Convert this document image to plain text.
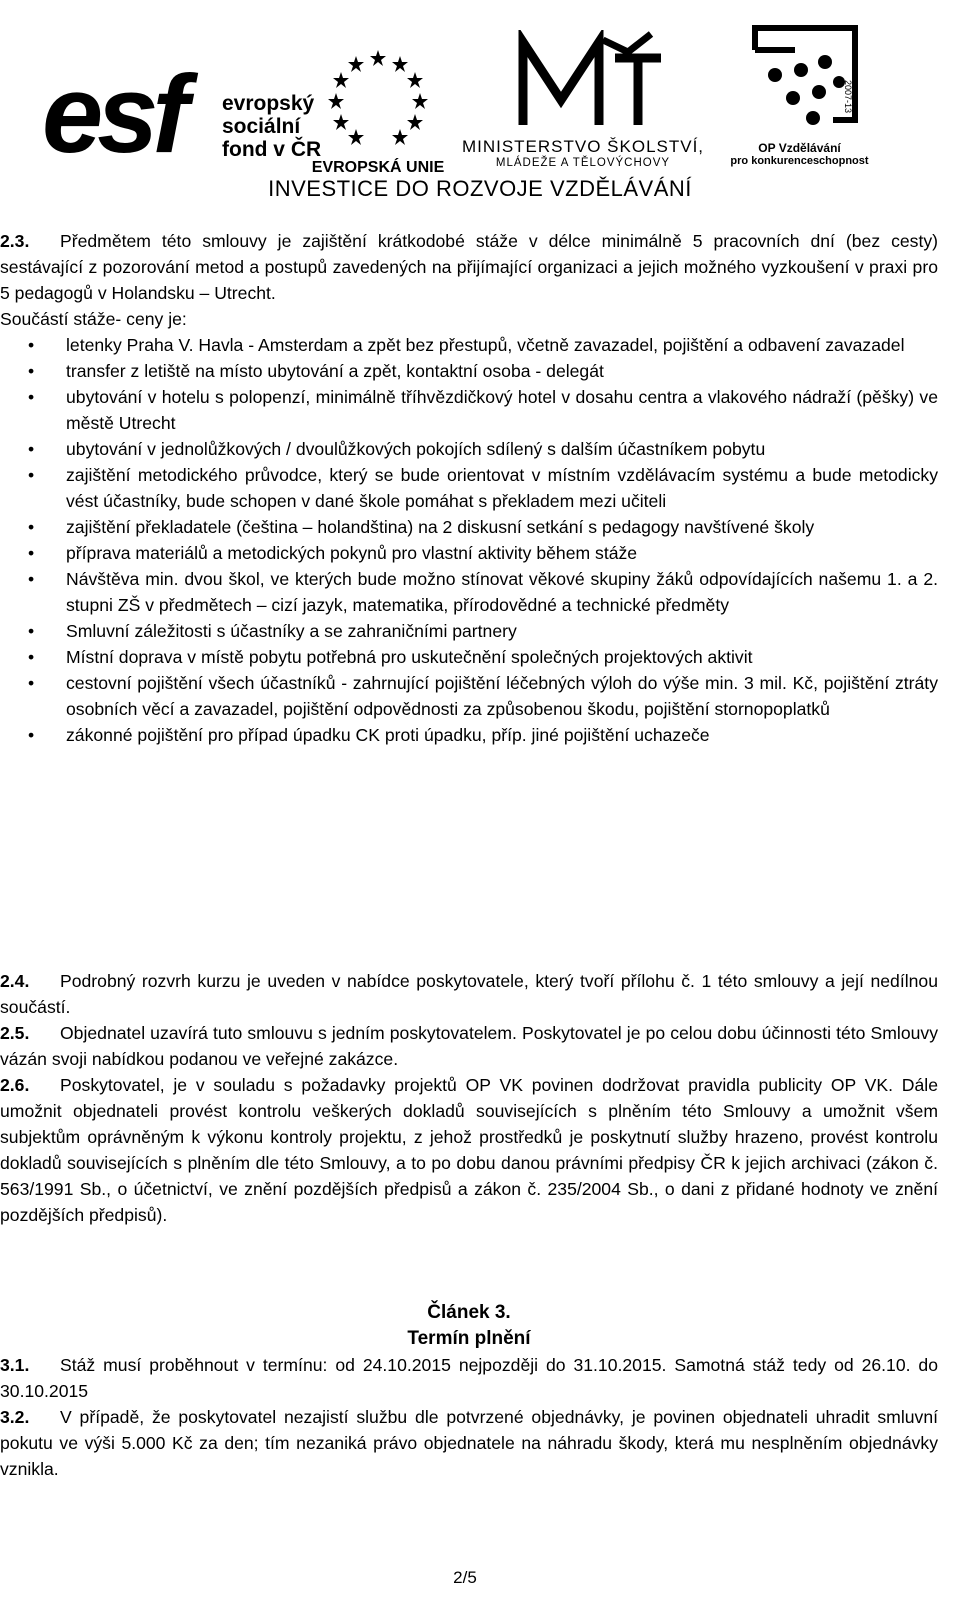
esf evropský
sociální
fond v ČR
EVROPSKÁ UNIE
MINISTERSTVO ŠKOLSTVÍ,
MLÁDEŽE A TĚLOVÝCHOVY
2007-13
OP Vzdělávání
pro konkurenceschopnost
INVESTICE DO ROZVOJE VZDĚLÁVÁNÍ

2.3. Předmětem této smlouvy je zajištění krátkodobé stáže v délce minimálně 5 pracovních dní (bez cesty) sestávající z pozorování metod a postupů zavedených na přijímající organizaci a jejich možného vyzkoušení v praxi pro 5 pedagogů v Holandsku – Utrecht.

Součástí stáže- ceny je:

• letenky Praha V. Havla - Amsterdam a zpět bez přestupů, včetně zavazadel, pojištění a odbavení zavazadel
• transfer z letiště na místo ubytování a zpět, kontaktní osoba - delegát
• ubytování v hotelu s polopenzí, minimálně tříhvězdičkový hotel v dosahu centra a vlakového nádraží (pěšky) ve městě Utrecht
• ubytování v jednolůžkových / dvoulůžkových pokojích sdílený s dalším účastníkem pobytu
• zajištění metodického průvodce, který se bude orientovat v místním vzdělávacím systému a bude metodicky vést účastníky, bude schopen v dané škole pomáhat s překladem mezi učiteli
• zajištění překladatele (čeština – holandština) na 2 diskusní setkání s pedagogy navštívené školy
• příprava materiálů a metodických pokynů pro vlastní aktivity během stáže
• Návštěva min. dvou škol, ve kterých bude možno stínovat věkové skupiny žáků odpovídajících našemu 1. a 2. stupni ZŠ v předmětech – cizí jazyk, matematika, přírodovědné a technické předměty
• Smluvní záležitosti s účastníky a se zahraničními partnery
• Místní doprava v místě pobytu potřebná pro uskutečnění společných projektových aktivit
• cestovní pojištění všech účastníků - zahrnující pojištění léčebných výloh do výše min. 3 mil. Kč, pojištění ztráty osobních věcí a zavazadel, pojištění odpovědnosti za způsobenou škodu, pojištění stornopoplatků
• zákonné pojištění pro případ úpadku CK proti úpadku, příp. jiné pojištění uchazeče

2.4. Podrobný rozvrh kurzu je uveden v nabídce poskytovatele, který tvoří přílohu č. 1 této smlouvy a její nedílnou součástí.

2.5. Objednatel uzavírá tuto smlouvu s jedním poskytovatelem. Poskytovatel je po celou dobu účinnosti této Smlouvy vázán svoji nabídkou podanou ve veřejné zakázce.

2.6. Poskytovatel, je v souladu s požadavky projektů OP VK povinen dodržovat pravidla publicity OP VK. Dále umožnit objednateli provést kontrolu veškerých dokladů souvisejících s plněním této Smlouvy a umožnit všem subjektům oprávněným k výkonu kontroly projektu, z jehož prostředků je poskytnutí služby hrazeno, provést kontrolu dokladů souvisejících s plněním dle této Smlouvy, a to po dobu danou právními předpisy ČR k jejich archivaci (zákon č. 563/1991 Sb., o účetnictví, ve znění pozdějších předpisů a zákon č. 235/2004 Sb., o dani z přidané hodnoty ve znění pozdějších předpisů).

Článek 3.

Termín plnění

3.1. Stáž musí proběhnout v termínu: od 24.10.2015 nejpozději do 31.10.2015. Samotná stáž tedy od 26.10. do 30.10.2015

3.2. V případě, že poskytovatel nezajistí službu dle potvrzené objednávky, je povinen objednateli uhradit smluvní pokutu ve výši 5.000 Kč za den; tím nezaniká právo objednatele na náhradu škody, která mu nesplněním objednávky vznikla.

2/5
